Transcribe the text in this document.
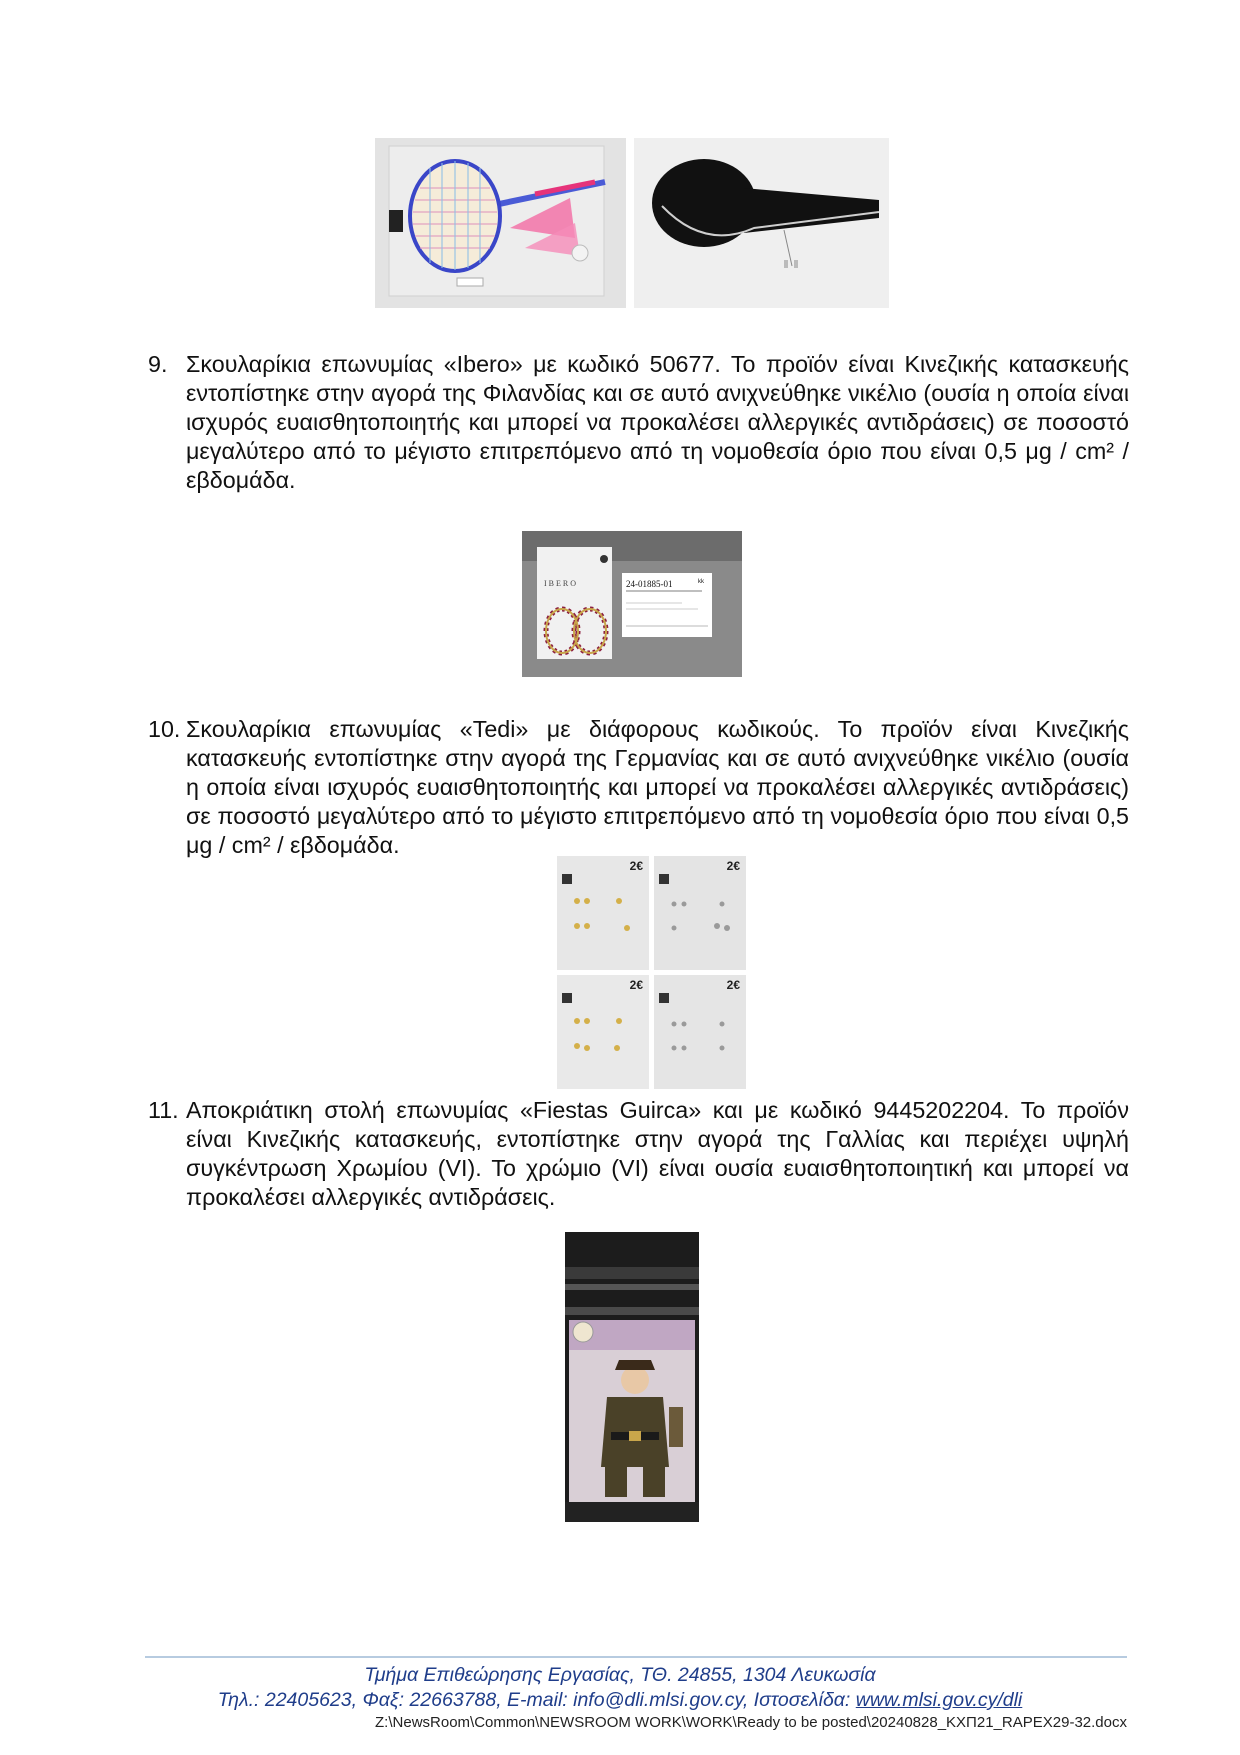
9. Σκουλαρίκια επωνυμίας «Ibero» με κωδικό 50677. Το προϊόν είναι Κινεζικής κατασκευής εντοπίστηκε στην αγορά της Φιλανδίας και σε αυτό ανιχνεύθηκε νικέλιο (ουσία η οποία είναι ισχυρός ευαισθητοποιητής και μπορεί να προκαλέσει αλλεργικές αντιδράσεις) σε ποσοστό μεγαλύτερο από το μέγιστο επιτρεπόμενο από τη νομοθεσία όριο που είναι 0,5 μg / cm² / εβδομάδα.
IBERO	24-01885-01	kk
10. Σκουλαρίκια επωνυμίας «Tedi» με διάφορους κωδικούς. Το προϊόν είναι Κινεζικής κατασκευής εντοπίστηκε στην αγορά της Γερμανίας και σε αυτό ανιχνεύθηκε νικέλιο (ουσία η οποία είναι ισχυρός ευαισθητοποιητής και μπορεί να προκαλέσει αλλεργικές αντιδράσεις) σε ποσοστό μεγαλύτερο από το μέγιστο επιτρεπόμενο από τη νομοθεσία όριο που είναι 0,5 μg / cm² / εβδομάδα.
2€	2€
2€	2€
11. Αποκριάτικη στολή επωνυμίας «Fiestas Guirca» και με κωδικό 9445202204. Το προϊόν είναι Κινεζικής κατασκευής, εντοπίστηκε στην αγορά της Γαλλίας και περιέχει υψηλή συγκέντρωση Χρωμίου (VI). Το χρώμιο (VI) είναι ουσία ευαισθητοποιητική και μπορεί να προκαλέσει αλλεργικές αντιδράσεις.
Τμήμα Επιθεώρησης Εργασίας, ΤΘ. 24855, 1304 Λευκωσία
Τηλ.: 22405623, Φαξ: 22663788, E-mail: info@dli.mlsi.gov.cy, Ιστοσελίδα: www.mlsi.gov.cy/dli
Z:\NewsRoom\Common\NEWSROOM WORK\WORK\Ready to be posted\20240828_ΚΧΠ21_RAPEX29-32.docx
